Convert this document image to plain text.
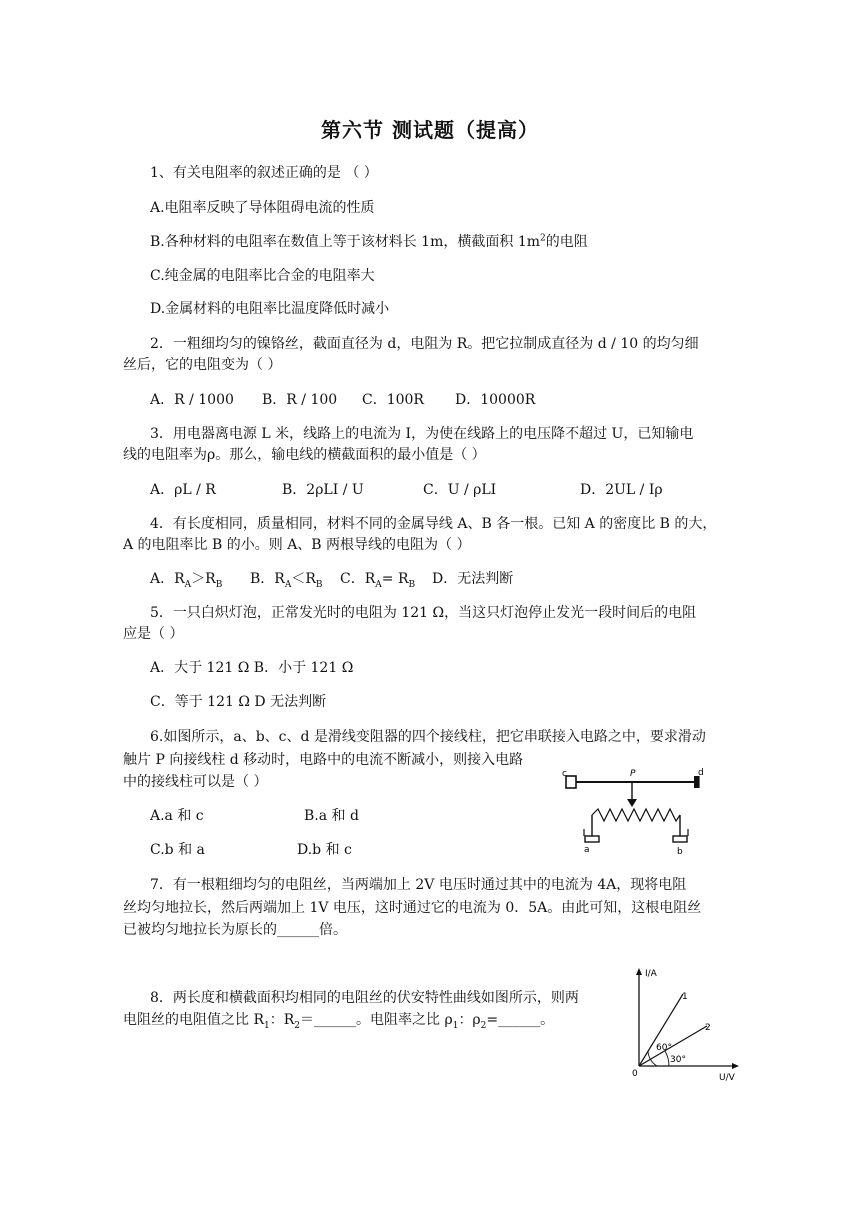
第六节 测试题（提高）
1、有关电阻率的叙述正确的是 （ ）
A.电阻率反映了导体阻碍电流的性质
B.各种材料的电阻率在数值上等于该材料长 1m，横截面积 $1m^2$的电阻
C.纯金属的电阻率比合金的电阻率大
D.金属材料的电阻率比温度降低时减小
2．一粗细均匀的镍铬丝，截面直径为 d，电阻为 R。把它拉制成直径为 d / 10 的均匀细
丝后，它的电阻变为（ ）
A．R / 1000 B．R / 100 C．100R D．10000R
3．用电器离电源 L 米，线路上的电流为 I，为使在线路上的电压降不超过 U，已知输电
线的电阻率为ρ。那么，输电线的横截面积的最小值是（ ）
A．ρL / R	B．2ρLI / U	C．U / ρLI	D．2UL / Iρ
4．有长度相同，质量相同，材料不同的金属导线 A、B 各一根。已知 A 的密度比 B 的大，
A 的电阻率比 B 的小。则 A、B 两根导线的电阻为（ ）
A．$R_A>R_B$ B．$R_A<R_B$ C．$R_A= R_B$ D．无法判断
5．一只白炽灯泡，正常发光时的电阻为 121 Ω，当这只灯泡停止发光一段时间后的电阻
应是（ ）
A．大于 121 Ω B．小于 121 Ω
C．等于 121 Ω D 无法判断
6.如图所示，a、b、c、d 是滑线变阻器的四个接线柱，把它串联接入电路之中，要求滑动
触片 P 向接线柱 d 移动时，电路中的电流不断减小，则接入电路
中的接线柱可以是（ ）
A.a 和 c	B.a 和 d
C.b 和 a	D.b 和 c
c	P	d
a	b
7．有一根粗细均匀的电阻丝，当两端加上 2V 电压时通过其中的电流为 4A，现将电阻
丝均匀地拉长，然后两端加上 1V 电压，这时通过它的电流为 0．5A。由此可知，这根电阻丝
已被均匀地拉长为原长的______倍。
8．两长度和横截面积均相同的电阻丝的伏安特性曲线如图所示，则两
电阻丝的电阻值之比 $R_1$：$R_2=\_\_\_\_\_\_$。电阻率之比 $\rho_1$：$\rho_2=\_\_\_\_\_\_$。
I/A
U/V
0
1
2
60°
30°
